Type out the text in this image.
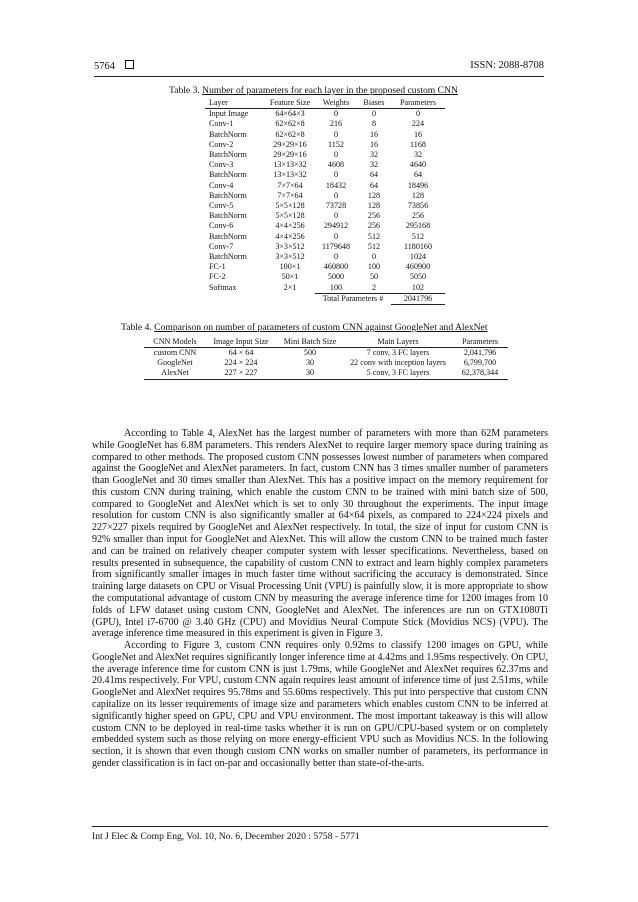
5764	ISSN: 2088-8708
Table 3. Number of parameters for each layer in the proposed custom CNN
Layer	Feature Size	Weights	Biases	Parameters
Input Image	64×64×3	0	0	0
Conv-1	62×62×8	216	8	224
BatchNorm	62×62×8	0	16	16
Conv-2	29×29×16	1152	16	1168
BatchNorm	29×29×16	0	32	32
Conv-3	13×13×32	4608	32	4640
BatchNorm	13×13×32	0	64	64
Conv-4	7×7×64	18432	64	18496
BatchNorm	7×7×64	0	128	128
Conv-5	5×5×128	73728	128	73856
BatchNorm	5×5×128	0	256	256
Conv-6	4×4×256	294912	256	295168
BatchNorm	4×4×256	0	512	512
Conv-7	3×3×512	1179648	512	1180160
BatchNorm	3×3×512	0	0	1024
FC-1	100×1	460800	100	460900
FC-2	50×1	5000	50	5050
Softmax	2×1	100	2	102
		Total Parameters #		2041796
Table 4. Comparison on number of parameters of custom CNN against GoogleNet and AlexNet
CNN Models	Image Input Size	Mini Batch Size	Main Layers	Parameters
custom CNN	64 × 64	500	7 conv, 3 FC layers	2,041,796
GoogleNet	224 × 224	30	22 conv with inception layers	6,799,700
AlexNet	227 × 227	30	5 conv, 3 FC layers	62,378,344

According to Table 4, AlexNet has the largest number of parameters with more than 62M parameters while GoogleNet has 6.8M parameters. This renders AlexNet to require larger memory space during training as compared to other methods. The proposed custom CNN possesses lowest number of parameters when compared against the GoogleNet and AlexNet parameters. In fact, custom CNN has 3 times smaller number of parameters than GoogleNet and 30 times smaller than AlexNet. This has a positive impact on the memory requirement for this custom CNN during training, which enable the custom CNN to be trained with mini batch size of 500, compared to GoogleNet and AlexNet which is set to only 30 throughout the experiments. The input image resolution for custom CNN is also significantly smaller at 64×64 pixels, as compared to 224×224 pixels and 227×227 pixels required by GoogleNet and AlexNet respectively. In total, the size of input for custom CNN is 92% smaller than input for GoogleNet and AlexNet. This will allow the custom CNN to be trained much faster and can be trained on relatively cheaper computer system with lesser specifications. Nevertheless, based on results presented in subsequence, the capability of custom CNN to extract and learn highly complex parameters from significantly smaller images in much faster time without sacrificing the accuracy is demonstrated. Since training large datasets on CPU or Visual Processing Unit (VPU) is painfully slow, it is more appropriate to show the computational advantage of custom CNN by measuring the average inference time for 1200 images from 10 folds of LFW dataset using custom CNN, GoogleNet and AlexNet. The inferences are run on GTX1080Ti (GPU), Intel i7-6700 @ 3.40 GHz (CPU) and Movidius Neural Compute Stick (Movidius NCS) (VPU). The average inference time measured in this experiment is given in Figure 3.

According to Figure 3, custom CNN requires only 0.92ms to classify 1200 images on GPU, while GoogleNet and AlexNet requires significantly longer inference time at 4.42ms and 1.95ms respectively. On CPU, the average inference time for custom CNN is just 1.79ms, while GoogleNet and AlexNet requires 62.37ms and 20.41ms respectively. For VPU, custom CNN again requires least amount of inference time of just 2.51ms, while GoogleNet and AlexNet requires 95.78ms and 55.60ms respectively. This put into perspective that custom CNN capitalize on its lesser requirements of image size and parameters which enables custom CNN to be inferred at significantly higher speed on GPU, CPU and VPU environment. The most important takeaway is this will allow custom CNN to be deployed in real-time tasks whether it is run on GPU/CPU-based system or on completely embedded system such as those relying on more energy-efficient VPU such as Movidius NCS. In the following section, it is shown that even though custom CNN works on smaller number of parameters, its performance in gender classification is in fact on-par and occasionally better than state-of-the-arts.

Int J Elec & Comp Eng, Vol. 10, No. 6, December 2020 : 5758 - 5771
